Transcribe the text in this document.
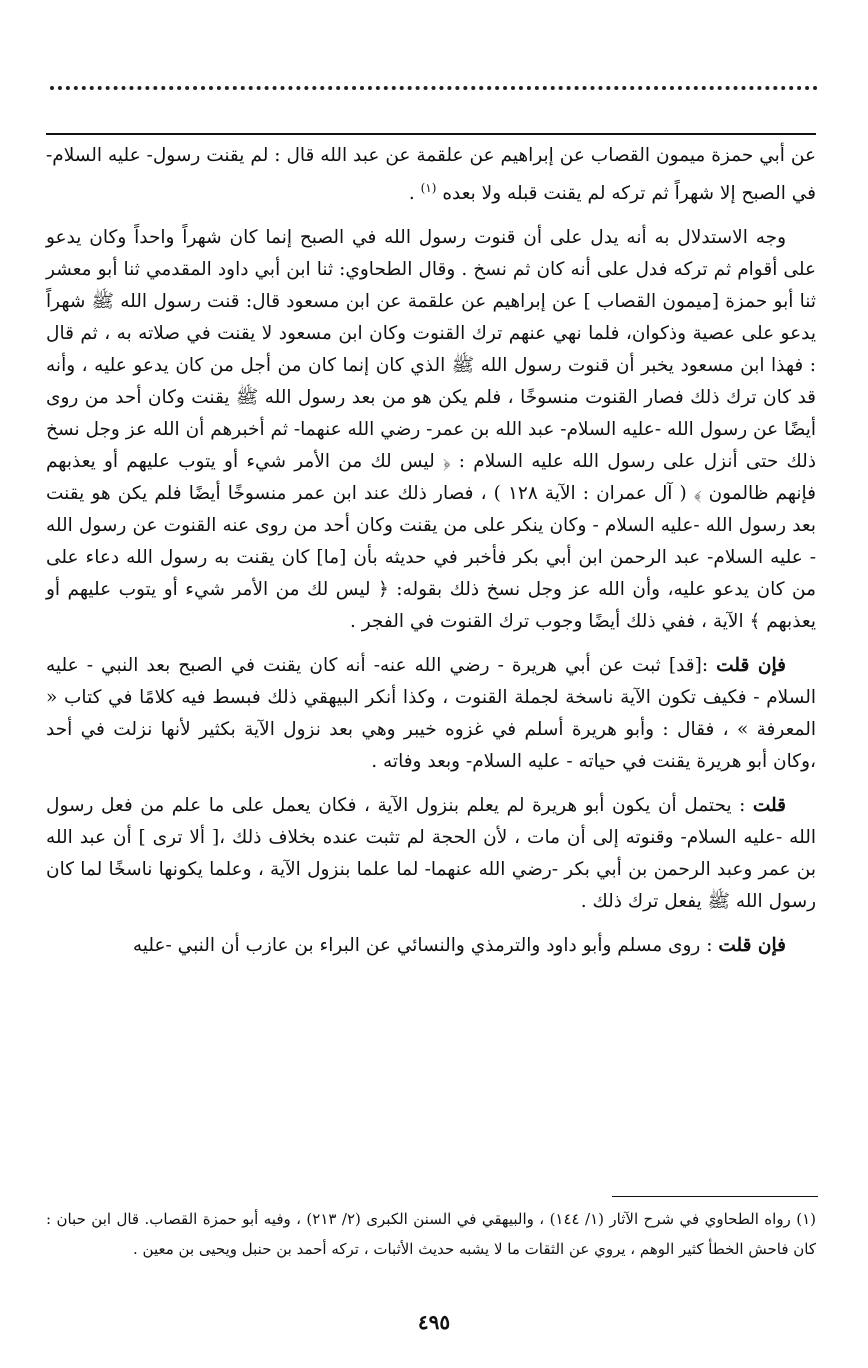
عن أبي حمزة ميمون القصاب عن إبراهيم عن علقمة عن عبد الله قال : لم يقنت رسول- عليه السلام- في الصبح إلا شهراً ثم تركه لم يقنت قبله ولا بعده $^{(١)}$ .

وجه الاستدلال به أنه يدل على أن قنوت رسول الله في الصبح إنما كان شهراً واحداً وكان يدعو على أقوام ثم تركه فدل على أنه كان ثم نسخ . وقال الطحاوي: ثنا ابن أبي داود المقدمي ثنا أبو معشر ثنا أبو حمزة [ميمون القصاب ] عن إبراهيم عن علقمة عن ابن مسعود قال: قنت رسول الله ﷺ شهراً يدعو على عصية وذكوان، فلما نهي عنهم ترك القنوت وكان ابن مسعود لا يقنت في صلاته به ، ثم قال : فهذا ابن مسعود يخبر أن قنوت رسول الله ﷺ الذي كان إنما كان من أجل من كان يدعو عليه ، وأنه قد كان ترك ذلك فصار القنوت منسوخًا ، فلم يكن هو من بعد رسول الله ﷺ يقنت وكان أحد من روى أيضًا عن رسول الله -عليه السلام- عبد الله بن عمر- رضي الله عنهما- ثم أخبرهم أن الله عز وجل نسخ ذلك حتى أنزل على رسول الله عليه السلام : ﴿ ليس لك من الأمر شيء أو يتوب عليهم أو يعذبهم فإنهم ظالمون ﴾ ( آل عمران : الآية ١٢٨ ) ، فصار ذلك عند ابن عمر منسوخًا أيضًا فلم يكن هو يقنت بعد رسول الله -عليه السلام - وكان ينكر على من يقنت وكان أحد من روى عنه القنوت عن رسول الله - عليه السلام- عبد الرحمن ابن أبي بكر فأخبر في حديثه بأن [ما] كان يقنت به رسول الله دعاء على من كان يدعو عليه، وأن الله عز وجل نسخ ذلك بقوله: ﴿ ليس لك من الأمر شيء أو يتوب عليهم أو يعذبهم ﴾ الآية ، ففي ذلك أيضًا وجوب ترك القنوت في الفجر .

فإن قلت :[قد] ثبت عن أبي هريرة - رضي الله عنه- أنه كان يقنت في الصبح بعد النبي - عليه السلام - فكيف تكون الآية ناسخة لجملة القنوت ، وكذا أنكر البيهقي ذلك فبسط فيه كلامًا في كتاب « المعرفة » ، فقال : وأبو هريرة أسلم في غزوه خيبر وهي بعد نزول الآية بكثير لأنها نزلت في أحد ،وكان أبو هريرة يقنت في حياته - عليه السلام- وبعد وفاته .

قلت : يحتمل أن يكون أبو هريرة لم يعلم بنزول الآية ، فكان يعمل على ما علم من فعل رسول الله -عليه السلام- وقنوته إلى أن مات ، لأن الحجة لم تثبت عنده بخلاف ذلك ،[ ألا ترى ] أن عبد الله بن عمر وعبد الرحمن بن أبي بكر -رضي الله عنهما- لما علما بنزول الآية ، وعلما يكونها ناسخًا لما كان رسول الله ﷺ يفعل ترك ذلك .

فإن قلت : روى مسلم وأبو داود والترمذي والنسائي عن البراء بن عازب أن النبي -عليه

(١) رواه الطحاوي في شرح الآثار (١/ ١٤٤) ، والبيهقي في السنن الكبرى (٢/ ٢١٣) ، وفيه أبو حمزة القصاب. قال ابن حبان : كان فاحش الخطأ كثير الوهم ، يروي عن الثقات ما لا يشبه حديث الأثبات ، تركه أحمد بن حنبل ويحيى بن معين .

٤٩٥
